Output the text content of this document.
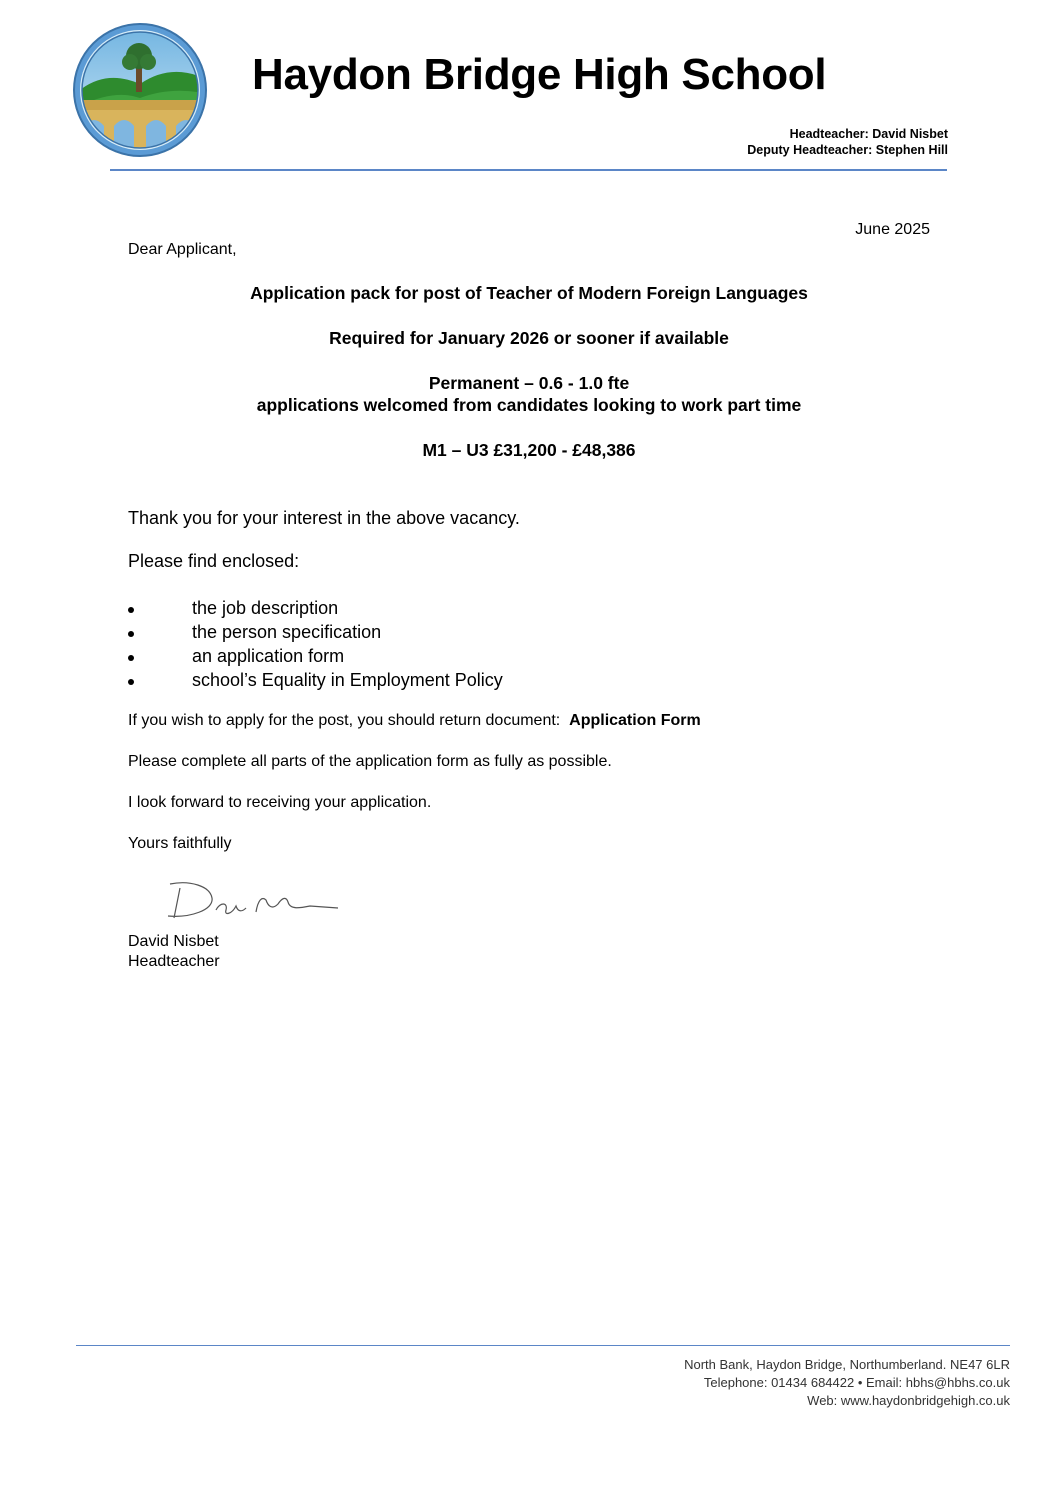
Haydon Bridge High School
Headteacher: David Nisbet
Deputy Headteacher: Stephen Hill
June 2025
Dear Applicant,
Application pack for post of Teacher of Modern Foreign Languages
Required for January 2026 or sooner if available
Permanent – 0.6 - 1.0 fte
applications welcomed from candidates looking to work part time
M1 – U3 £31,200 - £48,386
Thank you for your interest in the above vacancy.
Please find enclosed:
the job description
the person specification
an application form
school’s Equality in Employment Policy
If you wish to apply for the post, you should return document: Application Form
Please complete all parts of the application form as fully as possible.
I look forward to receiving your application.
Yours faithfully
David Nisbet
Headteacher
North Bank, Haydon Bridge, Northumberland. NE47 6LR
Telephone: 01434 684422 • Email: hbhs@hbhs.co.uk
Web: www.haydonbridgehigh.co.uk
